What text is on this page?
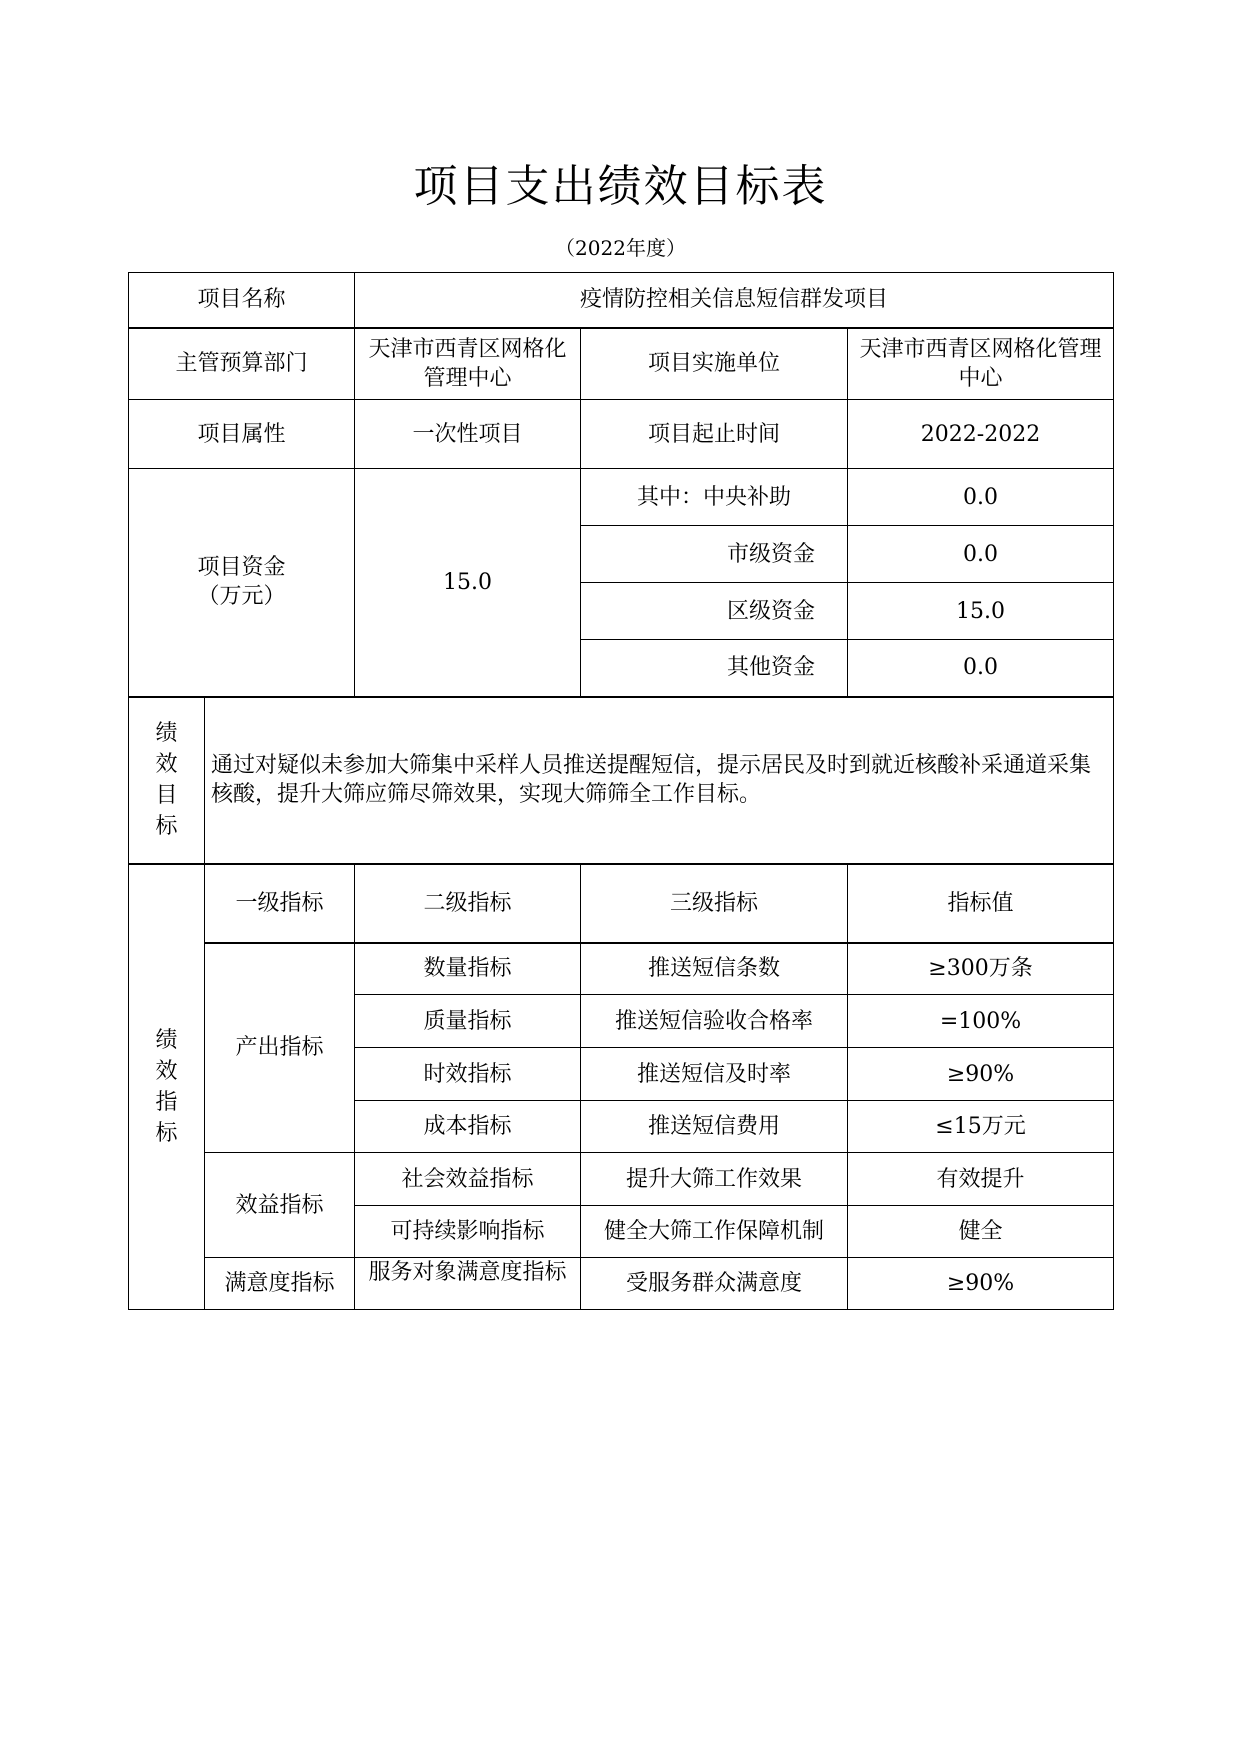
项目支出绩效目标表
（2022年度）
项目名称		疫情防控相关信息短信群发项目		
主管预算部门		天津市西青区网格化管理中心	项目实施单位	天津市西青区网格化管理中心
项目属性		一次性项目	项目起止时间	2022-2022

项目资金（万元）		15.0	其中：中央补助	0.0
			市级资金	0.0
			区级资金	15.0
			其他资金	0.0
绩效目标	通过对疑似未参加大筛集中采样人员推送提醒短信，提示居民及时到就近核酸补采通道采集核酸，提升大筛应筛尽筛效果，实现大筛筛全工作目标。			
绩效指标	一级指标	二级指标	三级指标	指标值
	产出指标	数量指标	推送短信条数	≥300万条
		质量指标	推送短信验收合格率	=100%
		时效指标	推送短信及时率	≥90%
		成本指标	推送短信费用	≤15万元
	效益指标	社会效益指标	提升大筛工作效果	有效提升
		可持续影响指标	健全大筛工作保障机制	健全
	满意度指标	服务对象满意度指标	受服务群众满意度	≥90%
